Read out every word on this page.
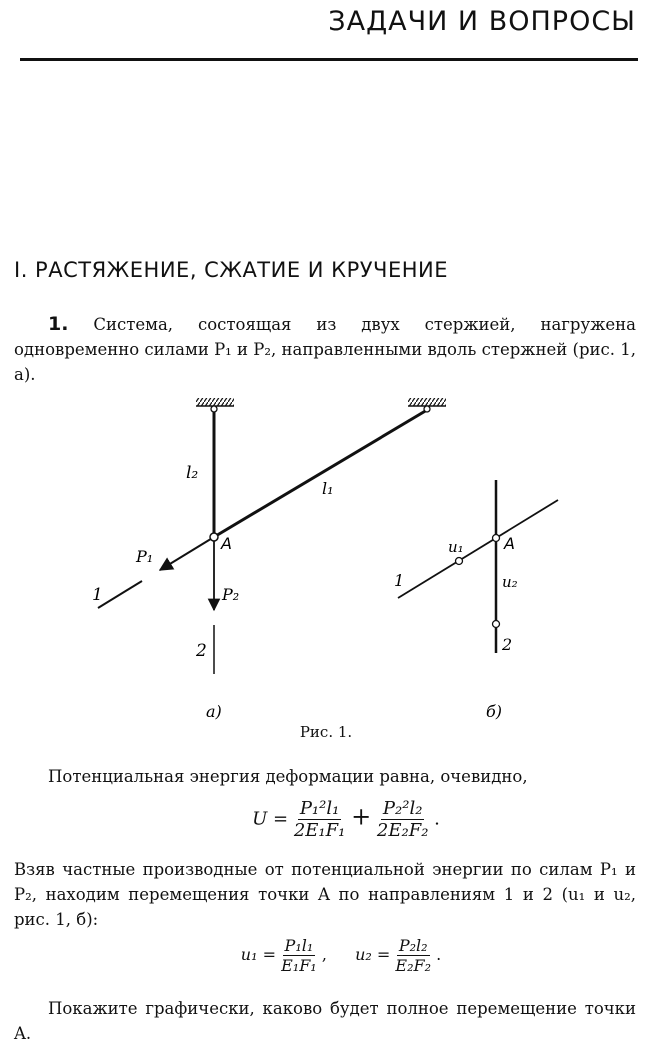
ЗАДАЧИ И ВОПРОСЫ
I. РАСТЯЖЕНИЕ, СЖАТИЕ И КРУЧЕНИЕ
1. Система, состоящая из двух стержией, нагружена одновременно силами P₁ и P₂, направленными вдоль стержней (рис. 1, а).
l₂
l₁
A
P₁
P₂
1
2
а)
A
u₁
u₂
1
2
б)
Рис. 1.
Потенциальная энергия деформации равна, очевидно,
$U = \frac{\text{P₁²l₁}}{\text{2E₁F₁}} + \frac{\text{P₂²l₂}}{\text{2E₂F₂}}$ .
Взяв частные производные от потенциальной энергии по силам P₁ и P₂, находим перемещения точки A по направлениям 1 и 2 (u₁ и u₂, рис. 1, б):
$u_1 = \frac{\text{P₁l₁}}{\text{E₁F₁}}$ , $u_2 = \frac{\text{P₂l₂}}{\text{E₂F₂}}$ .
Покажите графически, каково будет полное перемещение точки A.
